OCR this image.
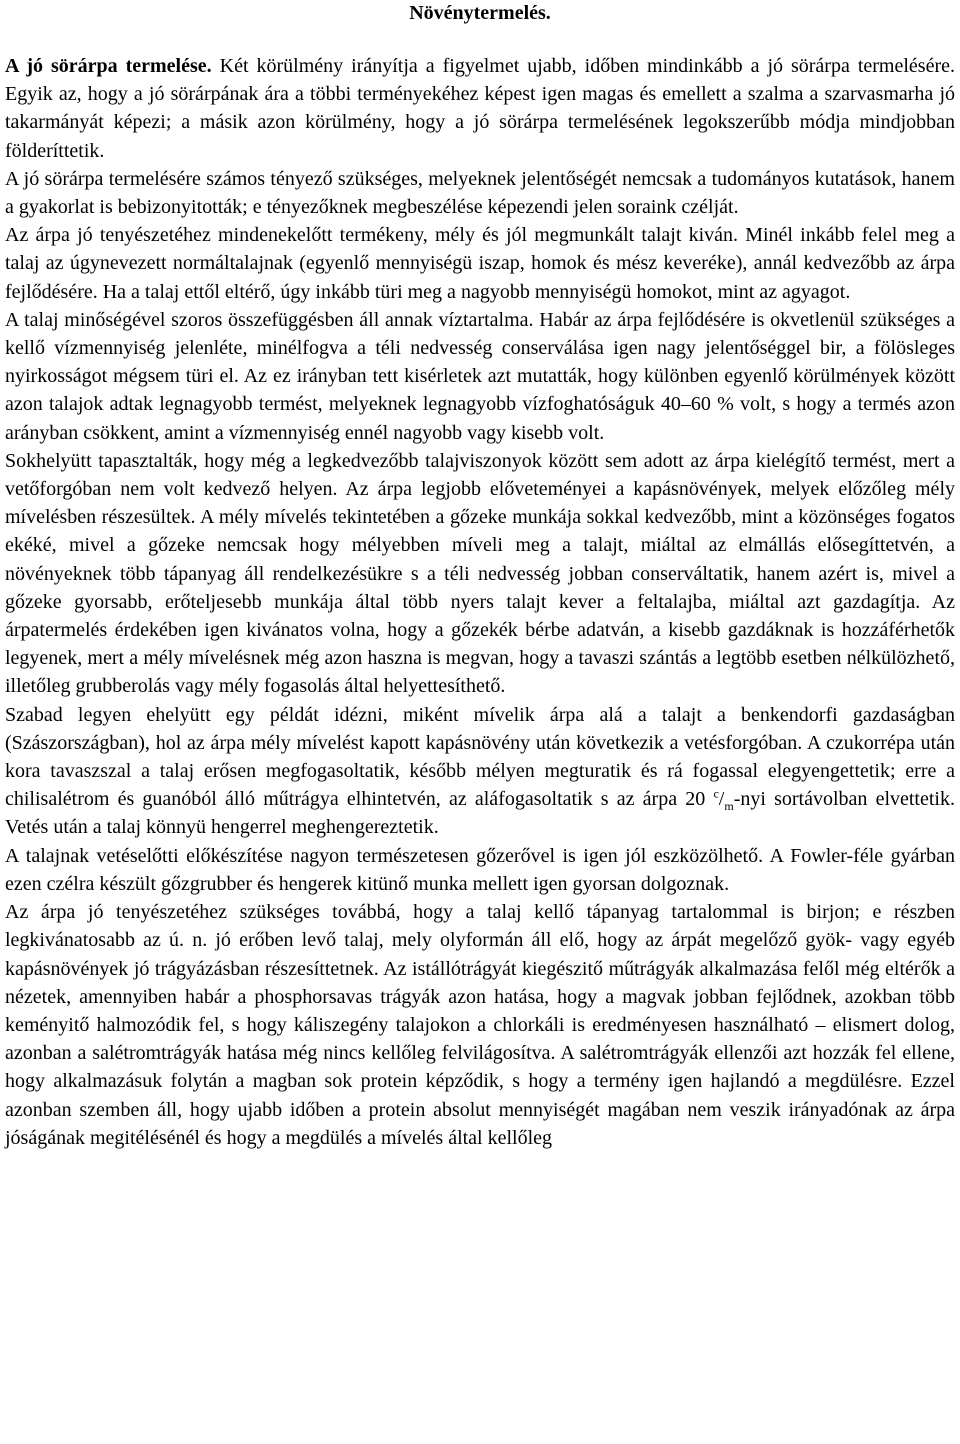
Növénytermelés.

A jó sörárpa termelése. Két körülmény irányítja a figyelmet ujabb, időben mindinkább a jó sörárpa termelésére. Egyik az, hogy a jó sörárpának ára a többi terményekéhez képest igen magas és emellett a szalma a szarvasmarha jó takarmányát képezi; a másik azon körülmény, hogy a jó sörárpa termelésének legokszerűbb módja mindjobban földeríttetik.

A jó sörárpa termelésére számos tényező szükséges, melyeknek jelentőségét nemcsak a tudományos kutatások, hanem a gyakorlat is bebizonyitották; e tényezőknek megbeszélése képezendi jelen soraink czélját.

Az árpa jó tenyészetéhez mindenekelőtt termékeny, mély és jól megmunkált talajt kiván. Minél inkább felel meg a talaj az úgynevezett normáltalajnak (egyenlő mennyiségü iszap, homok és mész keveréke), annál kedvezőbb az árpa fejlődésére. Ha a talaj ettől eltérő, úgy inkább türi meg a nagyobb mennyiségü homokot, mint az agyagot.

A talaj minőségével szoros összefüggésben áll annak víztartalma. Habár az árpa fejlődésére is okvetlenül szükséges a kellő vízmennyiség jelenléte, minélfogva a téli nedvesség conserválása igen nagy jelentőséggel bir, a fölösleges nyirkosságot mégsem türi el. Az ez irányban tett kisérletek azt mutatták, hogy különben egyenlő körülmények között azon talajok adtak legnagyobb termést, melyeknek legnagyobb vízfoghatóságuk 40–60 % volt, s hogy a termés azon arányban csökkent, amint a vízmennyiség ennél nagyobb vagy kisebb volt.

Sokhelyütt tapasztalták, hogy még a legkedvezőbb talajviszonyok között sem adott az árpa kielégítő termést, mert a vetőforgóban nem volt kedvező helyen. Az árpa legjobb előveteményei a kapásnövények, melyek előzőleg mély mívelésben részesültek. A mély mívelés tekintetében a gőzeke munkája sokkal kedvezőbb, mint a közönséges fogatos ekéké, mivel a gőzeke nemcsak hogy mélyebben míveli meg a talajt, miáltal az elmállás elősegíttetvén, a növényeknek több tápanyag áll rendelkezésükre s a téli nedvesség jobban conserváltatik, hanem azért is, mivel a gőzeke gyorsabb, erőteljesebb munkája által több nyers talajt kever a feltalajba, miáltal azt gazdagítja. Az árpatermelés érdekében igen kivánatos volna, hogy a gőzekék bérbe adatván, a kisebb gazdáknak is hozzáférhetők legyenek, mert a mély mívelésnek még azon haszna is megvan, hogy a tavaszi szántás a legtöbb esetben nélkülözhető, illetőleg grubberolás vagy mély fogasolás által helyettesíthető.

Szabad legyen ehelyütt egy példát idézni, miként mívelik árpa alá a talajt a benkendorfi gazdaságban (Szászországban), hol az árpa mély mívelést kapott kapásnövény után következik a vetésforgóban. A czukorrépa után kora tavaszszal a talaj erősen megfogasoltatik, később mélyen megturatik és rá fogassal elegyengettetik; erre a chilisalétrom és guanóból álló műtrágya elhintetvén, az aláfogasoltatik s az árpa 20 $^c/_m$-nyi sortávolban elvettetik. Vetés után a talaj könnyü hengerrel meghengereztetik.

A talajnak vetéselőtti előkészítése nagyon természetesen gőzerővel is igen jól eszközölhető. A Fowler-féle gyárban ezen czélra készült gőzgrubber és hengerek kitünő munka mellett igen gyorsan dolgoznak.

Az árpa jó tenyészetéhez szükséges továbbá, hogy a talaj kellő tápanyag tartalommal is birjon; e részben legkivánatosabb az ú. n. jó erőben levő talaj, mely olyformán áll elő, hogy az árpát megelőző gyök- vagy egyéb kapásnövények jó trágyázásban részesíttetnek. Az istállótrágyát kiegészitő műtrágyák alkalmazása felől még eltérők a nézetek, amennyiben habár a phosphorsavas trágyák azon hatása, hogy a magvak jobban fejlődnek, azokban több keményitő halmozódik fel, s hogy káliszegény talajokon a chlorkáli is eredményesen használható – elismert dolog, azonban a salétromtrágyák hatása még nincs kellőleg felvilágosítva. A salétromtrágyák ellenzői azt hozzák fel ellene, hogy alkalmazásuk folytán a magban sok protein képződik, s hogy a termény igen hajlandó a megdülésre. Ezzel azonban szemben áll, hogy ujabb időben a protein absolut mennyiségét magában nem veszik irányadónak az árpa jóságának megitélésénél és hogy a megdülés a mívelés által kellőleg
